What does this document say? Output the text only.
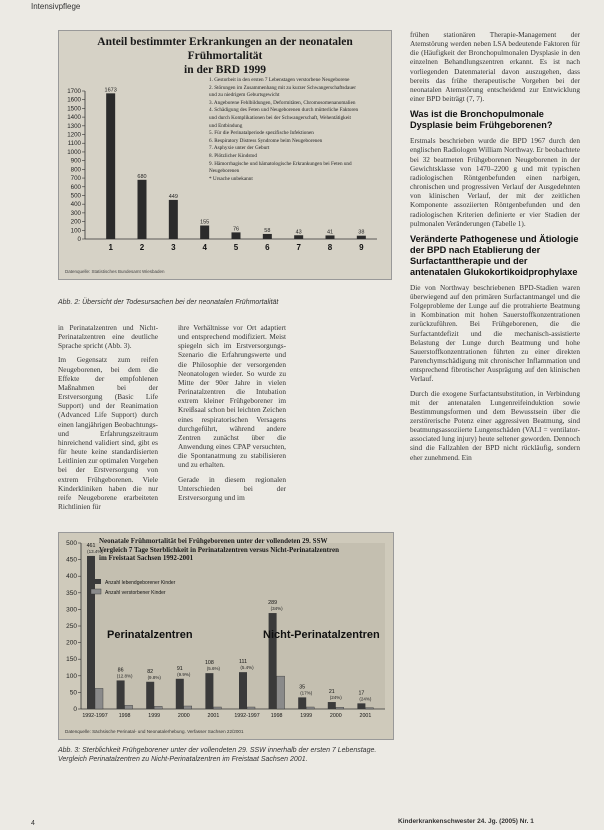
Intensivpflege
0
100
200
300
400
500
600
700
800
900
1000
1100
1200
1300
1400
1500
1600
1700	1673
1
680
2
449
3
155
4
76
5
58
6
43
7
41
8
38
9
Anteil bestimmter Erkrankungen an der neonatalen Frühmortalität
in der BRD 1999
1. Gestorbeit in den ersten 7 Lebenstagen verstorbene Neugeborene
2. Störungen im Zusammenhang mit zu kurzer Schwangerschaftsdauer
und zu niedrigem Geburtsgewicht
3. Angeborene Fehlbildungen, Deformitäten, Chromosomenanomalien
4. Schädigung des Feten und Neugeborenen durch mütterliche Faktoren
und durch Komplikationen bei der Schwangerschaft, Wehentätigkeit
und Entbindung
5. Für die Perinatalperiode spezifische Infektionen
6. Respiratory Distress Syndrome beim Neugeborenen
7. Asphyxie unter der Geburt
8. Plötzlicher Kindstod
9. Hämorrhagische und hämatologische Erkrankungen bei Feten und
Neugeborenen
* Ursache unbekannt
Datenquelle: Statistisches Bundesamt Wiesbaden
Abb. 2: Übersicht der Todesursachen bei der neonatalen Frühmortalität

in Perinatalzentren und Nicht-Perinatalzentren eine deutliche Sprache spricht (Abb. 3).

Im Gegensatz zum reifen Neugeborenen, bei dem die Effekte der empfohlenen Maßnahmen bei der Erstversorgung (Basic Life Support) und der Reanimation (Advanced Life Support) durch einen langjährigen Beobachtungs- und Erfahrungszeitraum hinreichend validiert sind, gibt es für heute keine standardisierten Leitlinien zur optimalen Vorgehen bei der Erstversorgung von extrem Frühgeborenen. Viele Kinderkliniken haben die nur reife Neugeborene erarbeiteten Richtlinien für

ihre Verhältnisse vor Ort adaptiert und entsprechend modifiziert. Meist spiegeln sich im Erstversorgungs-Szenario die Erfahrungswerte und die Philosophie der versorgenden Neonatologen wieder. So wurde zu Mitte der 90er Jahre in vielen Perinatalzentren die Intubation extrem kleiner Frühgeborener im Kreißsaal schon bei leichten Zeichen eines respiratorischen Versagens durchgeführt, während andere Zentren zunächst über die Anwendung eines CPAP versuchten, die Spontanatmung zu stabilisieren und zu erhalten.

Gerade in diesem regionalen Unterschieden bei der Erstversorgung und im

0
50
100
150
200
250
300
350
400
450
500 461
(13.4%)
1992-1997
86
(12.8%)
1998
82
(9.8%)
1999
91
(9.9%)
2000
108
(5.6%)
2001
111
(5.4%)
1992-1997
289
(34%)
1998
35
(17%)
1999
21
(24%)
2000
17
(24%)
2001
Anzahl lebendgeborener Kinder
Anzahl verstorbener Kinder
Perinatalzentren	Nicht-Perinatalzentren
Neonatale Frühmortalität bei Frühgeborenen unter der vollendeten 29. SSW Vergleich 7 Tage Sterblichkeit in Perinatalzentren versus Nicht-Perinatalzentren im Freistaat Sachsen 1992-2001
Datenquelle: Sächsische Perinatal- und Neonatalerhebung. Verfasser Sachsen 22/2001
Abb. 3: Sterblichkeit Frühgeborener unter der vollendeten 29. SSW innerhalb der ersten 7 Lebenstage. Vergleich Perinatalzentren zu Nicht-Perinatalzentren im Freistaat Sachsen 2001.

frühen stationären Therapie-Management der Atemstörung werden neben LSA bedeutende Faktoren für die (Häufigkeit der Bronchopulmonalen Dysplasie in den einzelnen Behandlungszentren erkannt. Es ist nach vorliegenden Datenmaterial davon auszugehen, dass bereits das frühe therapeutische Vorgehen bei der neonatalen Atemstörung entscheidend zur Entwicklung einer BPD beiträgt (7, 7).

Was ist die Bronchopulmonale Dysplasie beim Frühgeborenen?

Erstmals beschrieben wurde die BPD 1967 durch den englischen Radiologen William Northway. Er beobachtete bei 32 beatmeten Frühgeborenen Neugeborenen in der Gewichtsklasse von 1470–2200 g und mit typischen radiologischen Röntgenbefunden einen narbigen, chronischen und progressiven Verlauf der Ausgedehnten von klinischen Verlauf, der mit der zeitlichen Komponente assoziierten Röntgenbefunden und den radiologischen Kriterien definierte er vier Stadien der pulmonalen Veränderungen (Tabelle 1).

Veränderte Pathogenese und Ätiologie der BPD nach Etablierung der Surfactanttherapie und der antenatalen Glukokortikoidprophylaxe

Die von Northway beschriebenen BPD-Stadien waren überwiegend auf den primären Surfactantmangel und die Folgeprobleme der Lunge auf die protrahierte Beatmung in Kombination mit hohen Sauerstoffkonzentrationen zurückzuführen. Bei Frühgeborenen, die die Surfactantdefizit und die mechanisch-assistierte Belastung der Lunge durch Beatmung und hohe Sauerstoffkonzentrationen führten zu einer direkten Parenchymschädigung mit chronischer Inflammation und entsprechend fibrotischer Ausprägung auf den klinischen Verlauf.

Durch die exogene Surfactantsubstitution, in Verbindung mit der antenatalen Lungenreifeinduktion sowie Bestimmungsformen und dem Bewusstsein über die zerstörerische Potenz einer aggressiven Beatmung, sind beatmungsassoziierte Lungenschäden (VALI = ventilator-associated lung injury) heute seltener geworden. Dennoch sind die Fallzahlen der BPD nicht rückläufig, sondern eher zunehmend. Ein

4	Kinderkrankenschwester 24. Jg. (2005) Nr. 1
